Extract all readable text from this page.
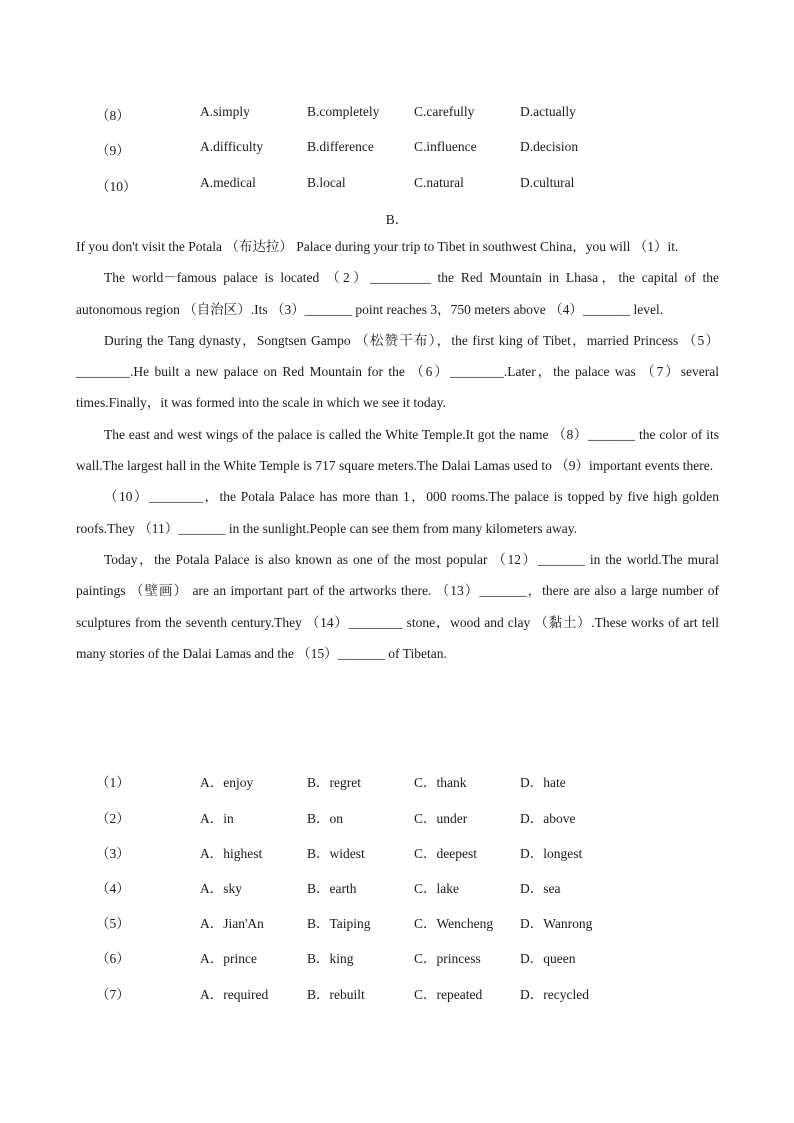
（8）	A.simply	B.completely	C.carefully	D.actually
（9）	A.difficulty	B.difference	C.influence	D.decision
（10）	A.medical	B.local	C.natural	D.cultural
B．
If you don't visit the Potala （布达拉） Palace during your trip to Tibet in southwest China，you will （1）it.
The world－famous palace is located （2）_________ the Red Mountain in Lhasa，the capital of the autonomous region （自治区）.Its （3）_______ point reaches 3，750 meters above （4）_______ level.
During the Tang dynasty，Songtsen Gampo （松赞干布），the first king of Tibet，married Princess （5）________.He built a new palace on Red Mountain for the （6）________.Later，the palace was （7）several times.Finally，it was formed into the scale in which we see it today.
The east and west wings of the palace is called the White Temple.It got the name （8）_______ the color of its wall.The largest hall in the White Temple is 717 square meters.The Dalai Lamas used to （9）important events there.
（10）________，the Potala Palace has more than 1，000 rooms.The palace is topped by five high golden roofs.They （11）_______ in the sunlight.People can see them from many kilometers away.
Today，the Potala Palace is also known as one of the most popular （12）_______ in the world.The mural paintings （壁画） are an important part of the artworks there. （13）_______，there are also a large number of sculptures from the seventh century.They （14）________ stone，wood and clay （黏土）.These works of art tell many stories of the Dalai Lamas and the （15）_______ of Tibetan.
（1）	A．enjoy	B．regret	C．thank	D．hate
（2）	A．in	B．on	C．under	D．above
（3）	A．highest	B．widest	C．deepest	D．longest
（4）	A．sky	B．earth	C．lake	D．sea
（5）	A．Jian'An	B．Taiping	C．Wencheng D．Wanrong
（6）	A．prince	B．king	C．princess	D．queen
（7）	A．required	B．rebuilt	C．repeated	D．recycled
